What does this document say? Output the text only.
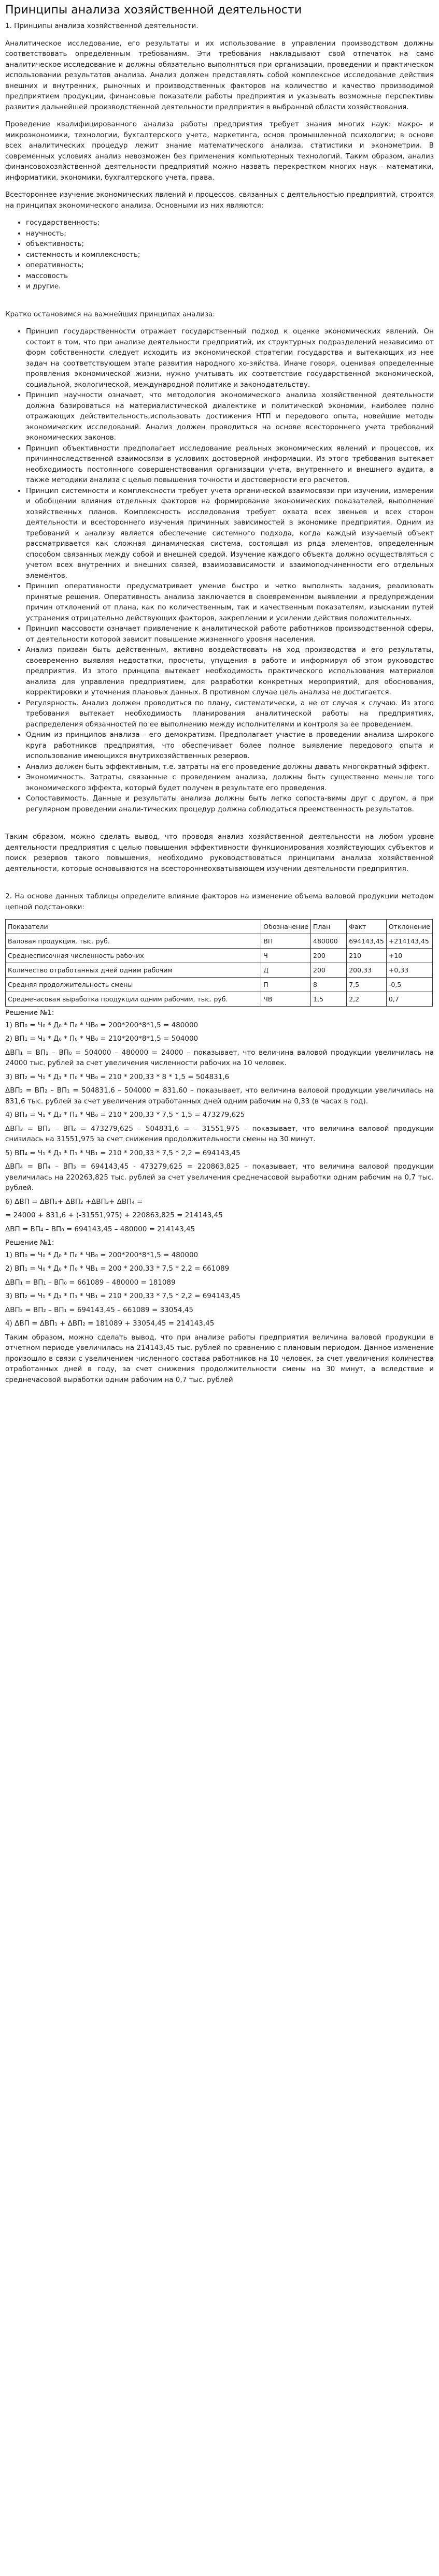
Принципы анализа хозяйственной деятельности

1. Принципы анализа хозяйственной деятельности.

Аналитическое исследование, его результаты и их использование в управлении производством должны соответствовать определенным требованиям. Эти требования накладывают свой отпечаток на само аналитическое исследование и должны обязательно выполняться при организации, проведении и практическом использовании результатов анализа. Анализ должен представлять собой комплексное исследование действия внешних и внутренних, рыночных и производственных факторов на количество и качество производимой предприятием продукции, финансовые показатели работы предприятия и указывать возможные перспективы развития дальнейшей производственной деятельности предприятия в выбранной области хозяйствования.

Проведение квалифицированного анализа работы предприятия требует знания многих наук: макро- и микроэкономики, технологии, бухгалтерского учета, маркетинга, основ промышленной психологии; в основе всех аналитических процедур лежит знание математического анализа, статистики и эконометрии. В современных условиях анализ невозможен без применения компьютерных технологий. Таким образом, анализ финансовохозяйственной деятельности предприятий можно назвать перекрестком многих наук - математики, информатики, экономики, бухгалтерского учета, права.

Всестороннее изучение экономических явлений и процессов, связанных с деятельностью предприятий, строится на принципах экономического анализа. Основными из них являются:

• государственность;
• научность;
• объективность;
• системность и комплексность;
• оперативность;
• массовость
• и другие.

Кратко остановимся на важнейших принципах анализа:

• Принцип государственности отражает государственный подход к оценке экономических явлений. Он состоит в том, что при анализе деятельности предприятий, их структурных подразделений независимо от форм собственности следует исходить из экономической стратегии государства и вытекающих из нее задач на соответствующем этапе развития народного хо-зяйства. Иначе говоря, оценивая определенные проявления экономической жизни, нужно учитывать их соответствие государственной экономической, социальной, экологической, международной политике и законодательству.
• Принцип научности означает, что методология экономического анализа хозяйственной деятельности должна базироваться на материалистической диалектике и политической экономии, наиболее полно отражающих действительность,использовать достижения НТП и передового опыта, новейшие методы экономических исследований. Анализ должен проводиться на основе всестороннего учета требований экономических законов.
• Принцип объективности предполагает исследование реальных экономических явлений и процессов, их причинноследственной взаимосвязи в условиях достоверной информации. Из этого требования вытекает необходимость постоянного совершенствования организации учета, внутреннего и внешнего аудита, а также методики анализа с целью повышения точности и достоверности его расчетов.
• Принцип системности и комплексности требует учета органической взаимосвязи при изучении, измерении и обобщении влияния отдельных факторов на формирование экономических показателей, выполнение хозяйственных планов. Комплексность исследования требует охвата всех звеньев и всех сторон деятельности и всестороннего изучения причинных зависимостей в экономике предприятия. Одним из требований к анализу является обеспечение системного подхода, когда каждый изучаемый объект рассматривается как сложная динамическая система, состоящая из ряда элементов, определенным способом связанных между собой и внешней средой. Изучение каждого объекта должно осуществляться с учетом всех внутренних и внешних связей, взаимозависимости и взаимоподчиненности его отдельных элементов.
• Принцип оперативности предусматривает умение быстро и четко выполнять задания, реализовать принятые решения. Оперативность анализа заключается в своевременном выявлении и предупреждении причин отклонений от плана, как по количественным, так и качественным показателям, изыскании путей устранения отрицательно действующих факторов, закреплении и усилении действия положительных.
• Принцип массовости означает привлечение к аналитической работе работников производственной сферы, от деятельности которой зависит повышение жизненного уровня населения.
• Анализ призван быть действенным, активно воздействовать на ход производства и его результаты, своевременно выявляя недостатки, просчеты, упущения в работе и информируя об этом руководство предприятия. Из этого принципа вытекает необходимость практического использования материалов анализа для управления предприятием, для разработки конкретных мероприятий, для обоснования, корректировки и уточнения плановых данных. В противном случае цель анализа не достигается.
• Регулярность. Анализ должен проводиться по плану, систематически, а не от случая к случаю. Из этого требования вытекает необходимость планирования аналитической работы на предприятиях, распределения обязанностей по ее выполнению между исполнителями и контроля за ее проведением.
• Одним из принципов анализа - его демократизм. Предполагает участие в проведении анализа широкого круга работников предприятия, что обеспечивает более полное выявление передового опыта и использование имеющихся внутрихозяйственных резервов.
• Анализ должен быть эффективным, т.е. затраты на его проведение должны давать многократный эффект.
• Экономичность. Затраты, связанные с проведением анализа, должны быть существенно меньше того экономического эффекта, который будет получен в результате его проведения.
• Сопоставимость. Данные и результаты анализа должны быть легко сопоста-вимы друг с другом, а при регулярном проведении анали-тических процедур должна соблюдаться преемственность результатов.

Таким образом, можно сделать вывод, что проводя анализ хозяйственной деятельности на любом уровне деятельности предприятия с целью повышения эффективности функционирования хозяйствующих субъектов и поиск резервов такого повышения, необходимо руководствоваться принципами анализа хозяйственной деятельности, которые основываются на всестороннеохватывающем изучении деятельности предприятия.

2. На основе данных таблицы определите влияние факторов на изменение объема валовой продукции методом цепной подстановки:

Показатели	Обозначение	План	Факт	Отклонение
Валовая продукция, тыс. руб.	ВП	480000	694143,45	+214143,45
Среднесписочная численность рабочих	Ч	200	210	+10
Количество отработанных дней одним рабочим	Д	200	200,33	+0,33
Средняя продолжительность смены	П	8	7,5	-0,5
Среднечасовая выработка продукции одним рабочим, тыс. руб.	ЧВ	1,5	2,2	0,7

Решение №1:

1) ВП₀ = Ч₀ * Д₀ * П₀ * ЧВ₀ = 200*200*8*1,5 = 480000

2) ВП₁ = Ч₁ * Д₀ * П₀ * ЧВ₀ = 210*200*8*1,5 = 504000

ΔВП₁ = ВП₁ – ВП₀ = 504000 – 480000 = 24000 – показывает, что величина валовой продукции увеличилась на 24000 тыс. рублей за счет увеличения численности рабочих на 10 человек.

3) ВП₂ = Ч₁ * Д₁ * П₀ * ЧВ₀ = 210 * 200,33 * 8 * 1,5 = 504831,6

ΔВП₂ = ВП₂ – ВП₁ = 504831,6 – 504000 = 831,60 – показывает, что величина валовой продукции увеличилась на 831,6 тыс. рублей за счет увеличения отработанных дней одним рабочим на 0,33 (в часах в год).

4) ВП₃ = Ч₁ * Д₁ * П₁ * ЧВ₀ = 210 * 200,33 * 7,5 * 1,5 = 473279,625

ΔВП₃ = ВП₃ – ВП₂ = 473279,625 – 504831,6 = – 31551,975 – показывает, что величина валовой продукции снизилась на 31551,975 за счет снижения продолжительности смены на 30 минут.

5) ВП₄ = Ч₁ * Д₁ * П₁ * ЧВ₁ = 210 * 200,33 * 7,5 * 2,2 = 694143,45

ΔВП₄ = ВП₄ – ВП₃ = 694143,45 - 473279,625 = 220863,825 – показывает, что величина валовой продукции увеличилась на 220263,825 тыс. рублей за счет увеличения среднечасовой выработки одним рабочим на 0,7 тыс. рублей.

6) ΔВП = ΔВП₁+ ΔВП₂ +ΔВП₃+ ΔВП₄ =

= 24000 + 831,6 + (-31551,975) + 220863,825 = 214143,45

ΔВП = ВП₄ – ВП₀ = 694143,45 – 480000 = 214143,45

Решение №1:

1) ВП₀ = Ч₀ * Д₀ * П₀ * ЧВ₀ = 200*200*8*1,5 = 480000

2) ВП₁ = Ч₀ * Д₀ * П₀ * ЧВ₁ = 200 * 200,33 * 7,5 * 2,2 = 661089

ΔВП₁ = ВП₁ – ВП₀ = 661089 – 480000 = 181089

3) ВП₂ = Ч₁ * Д₁ * П₁ * ЧВ₁ = 210 * 200,33 * 7,5 * 2,2 = 694143,45

ΔВП₂ = ВП₂ – ВП₁ = 694143,45 – 661089 = 33054,45

4) ΔВП = ΔВП₁ + ΔВП₂ = 181089 + 33054,45 = 214143,45

Таким образом, можно сделать вывод, что при анализе работы предприятия величина валовой продукции в отчетном периоде увеличилась на 214143,45 тыс. рублей по сравнению с плановым периодом. Данное изменение произошло в связи с увеличением численного состава работников на 10 человек, за счет увеличения количества отработанных дней в году, за счет снижения продолжительности смены на 30 минут, а вследствие и среднечасовой выработки одним рабочим на 0,7 тыс. рублей
